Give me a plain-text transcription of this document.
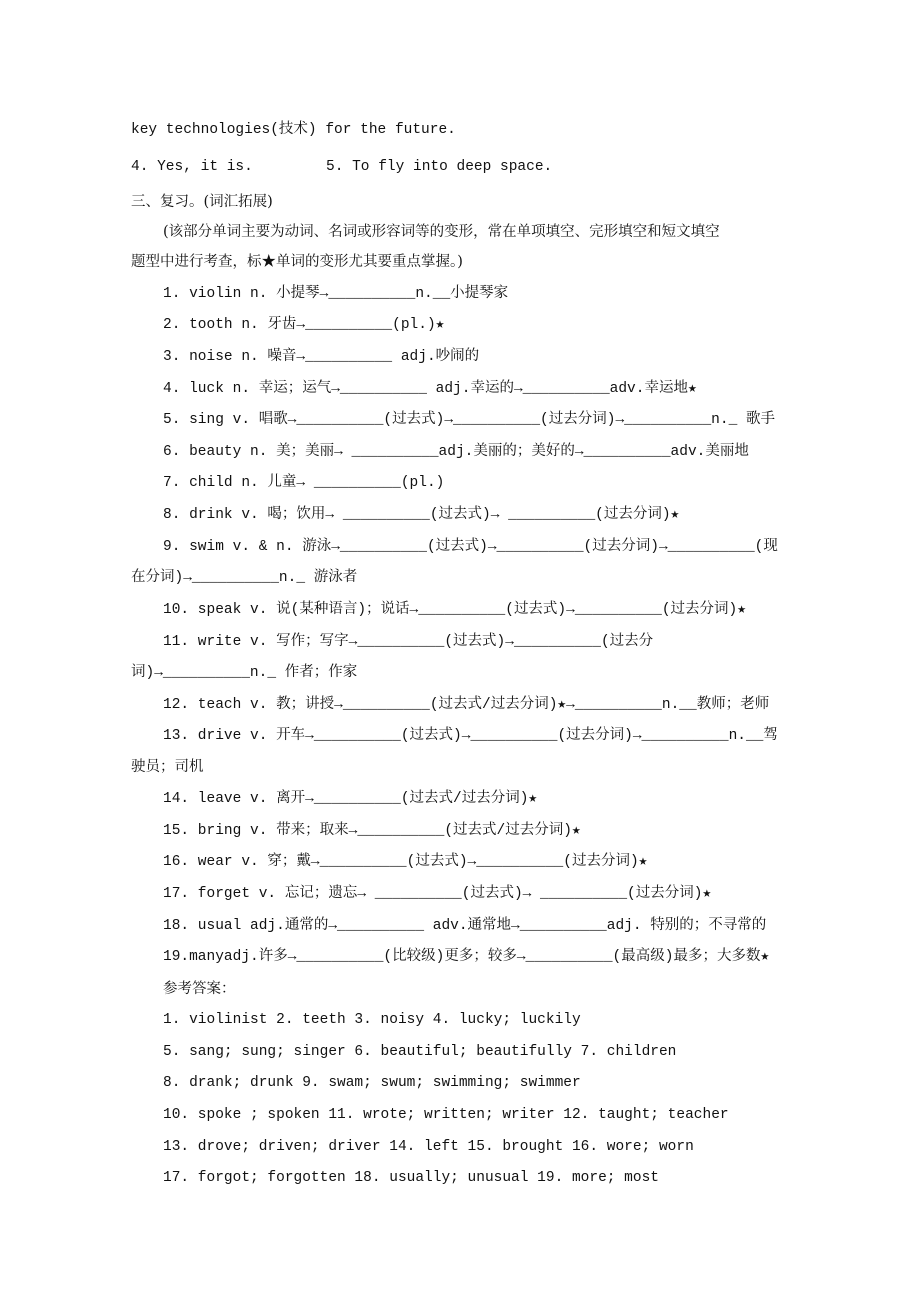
key technologies(技术) for the future.
4. Yes, it is.	5. To fly into deep space.
三、复习。(词汇拓展)
(该部分单词主要为动词、名词或形容词等的变形，常在单项填空、完形填空和短文填空
题型中进行考查，标★单词的变形尤其要重点掌握。)
1. violin n. 小提琴→__________n.__小提琴家
2. tooth n. 牙齿→__________(pl.)★
3. noise n. 噪音→__________ adj.吵闹的
4. luck n. 幸运；运气→__________ adj.幸运的→__________adv.幸运地★
5. sing v. 唱歌→__________(过去式)→__________(过去分词)→__________n._ 歌手
6. beauty n. 美；美丽→ __________adj.美丽的；美好的→__________adv.美丽地
7. child n. 儿童→ __________(pl.)
8. drink v. 喝；饮用→ __________(过去式)→ __________(过去分词)★
9. swim v. & n. 游泳→__________(过去式)→__________(过去分词)→__________(现
在分词)→__________n._ 游泳者
10. speak v. 说(某种语言)；说话→__________(过去式)→__________(过去分词)★
11. write v. 写作；写字→__________(过去式)→__________(过去分
词)→__________n._ 作者；作家
12. teach v. 教；讲授→__________(过去式/过去分词)★→__________n.__教师；老师
13. drive v. 开车→__________(过去式)→__________(过去分词)→__________n.__驾
驶员；司机
14. leave v. 离开→__________(过去式/过去分词)★
15. bring v. 带来；取来→__________(过去式/过去分词)★
16. wear v. 穿；戴→__________(过去式)→__________(过去分词)★
17. forget v. 忘记；遗忘→ __________(过去式)→ __________(过去分词)★
18. usual adj.通常的→__________ adv.通常地→__________adj. 特别的；不寻常的
19.manyadj.许多→__________(比较级)更多；较多→__________(最高级)最多；大多数★
参考答案：
1. violinist 2. teeth 3. noisy 4. lucky; luckily
5. sang; sung; singer 6. beautiful; beautifully 7. children
8. drank; drunk 9. swam; swum; swimming; swimmer
10. spoke ; spoken 11. wrote; written; writer 12. taught; teacher
13. drove; driven; driver 14. left 15. brought 16. wore; worn
17. forgot; forgotten 18. usually; unusual 19. more; most
